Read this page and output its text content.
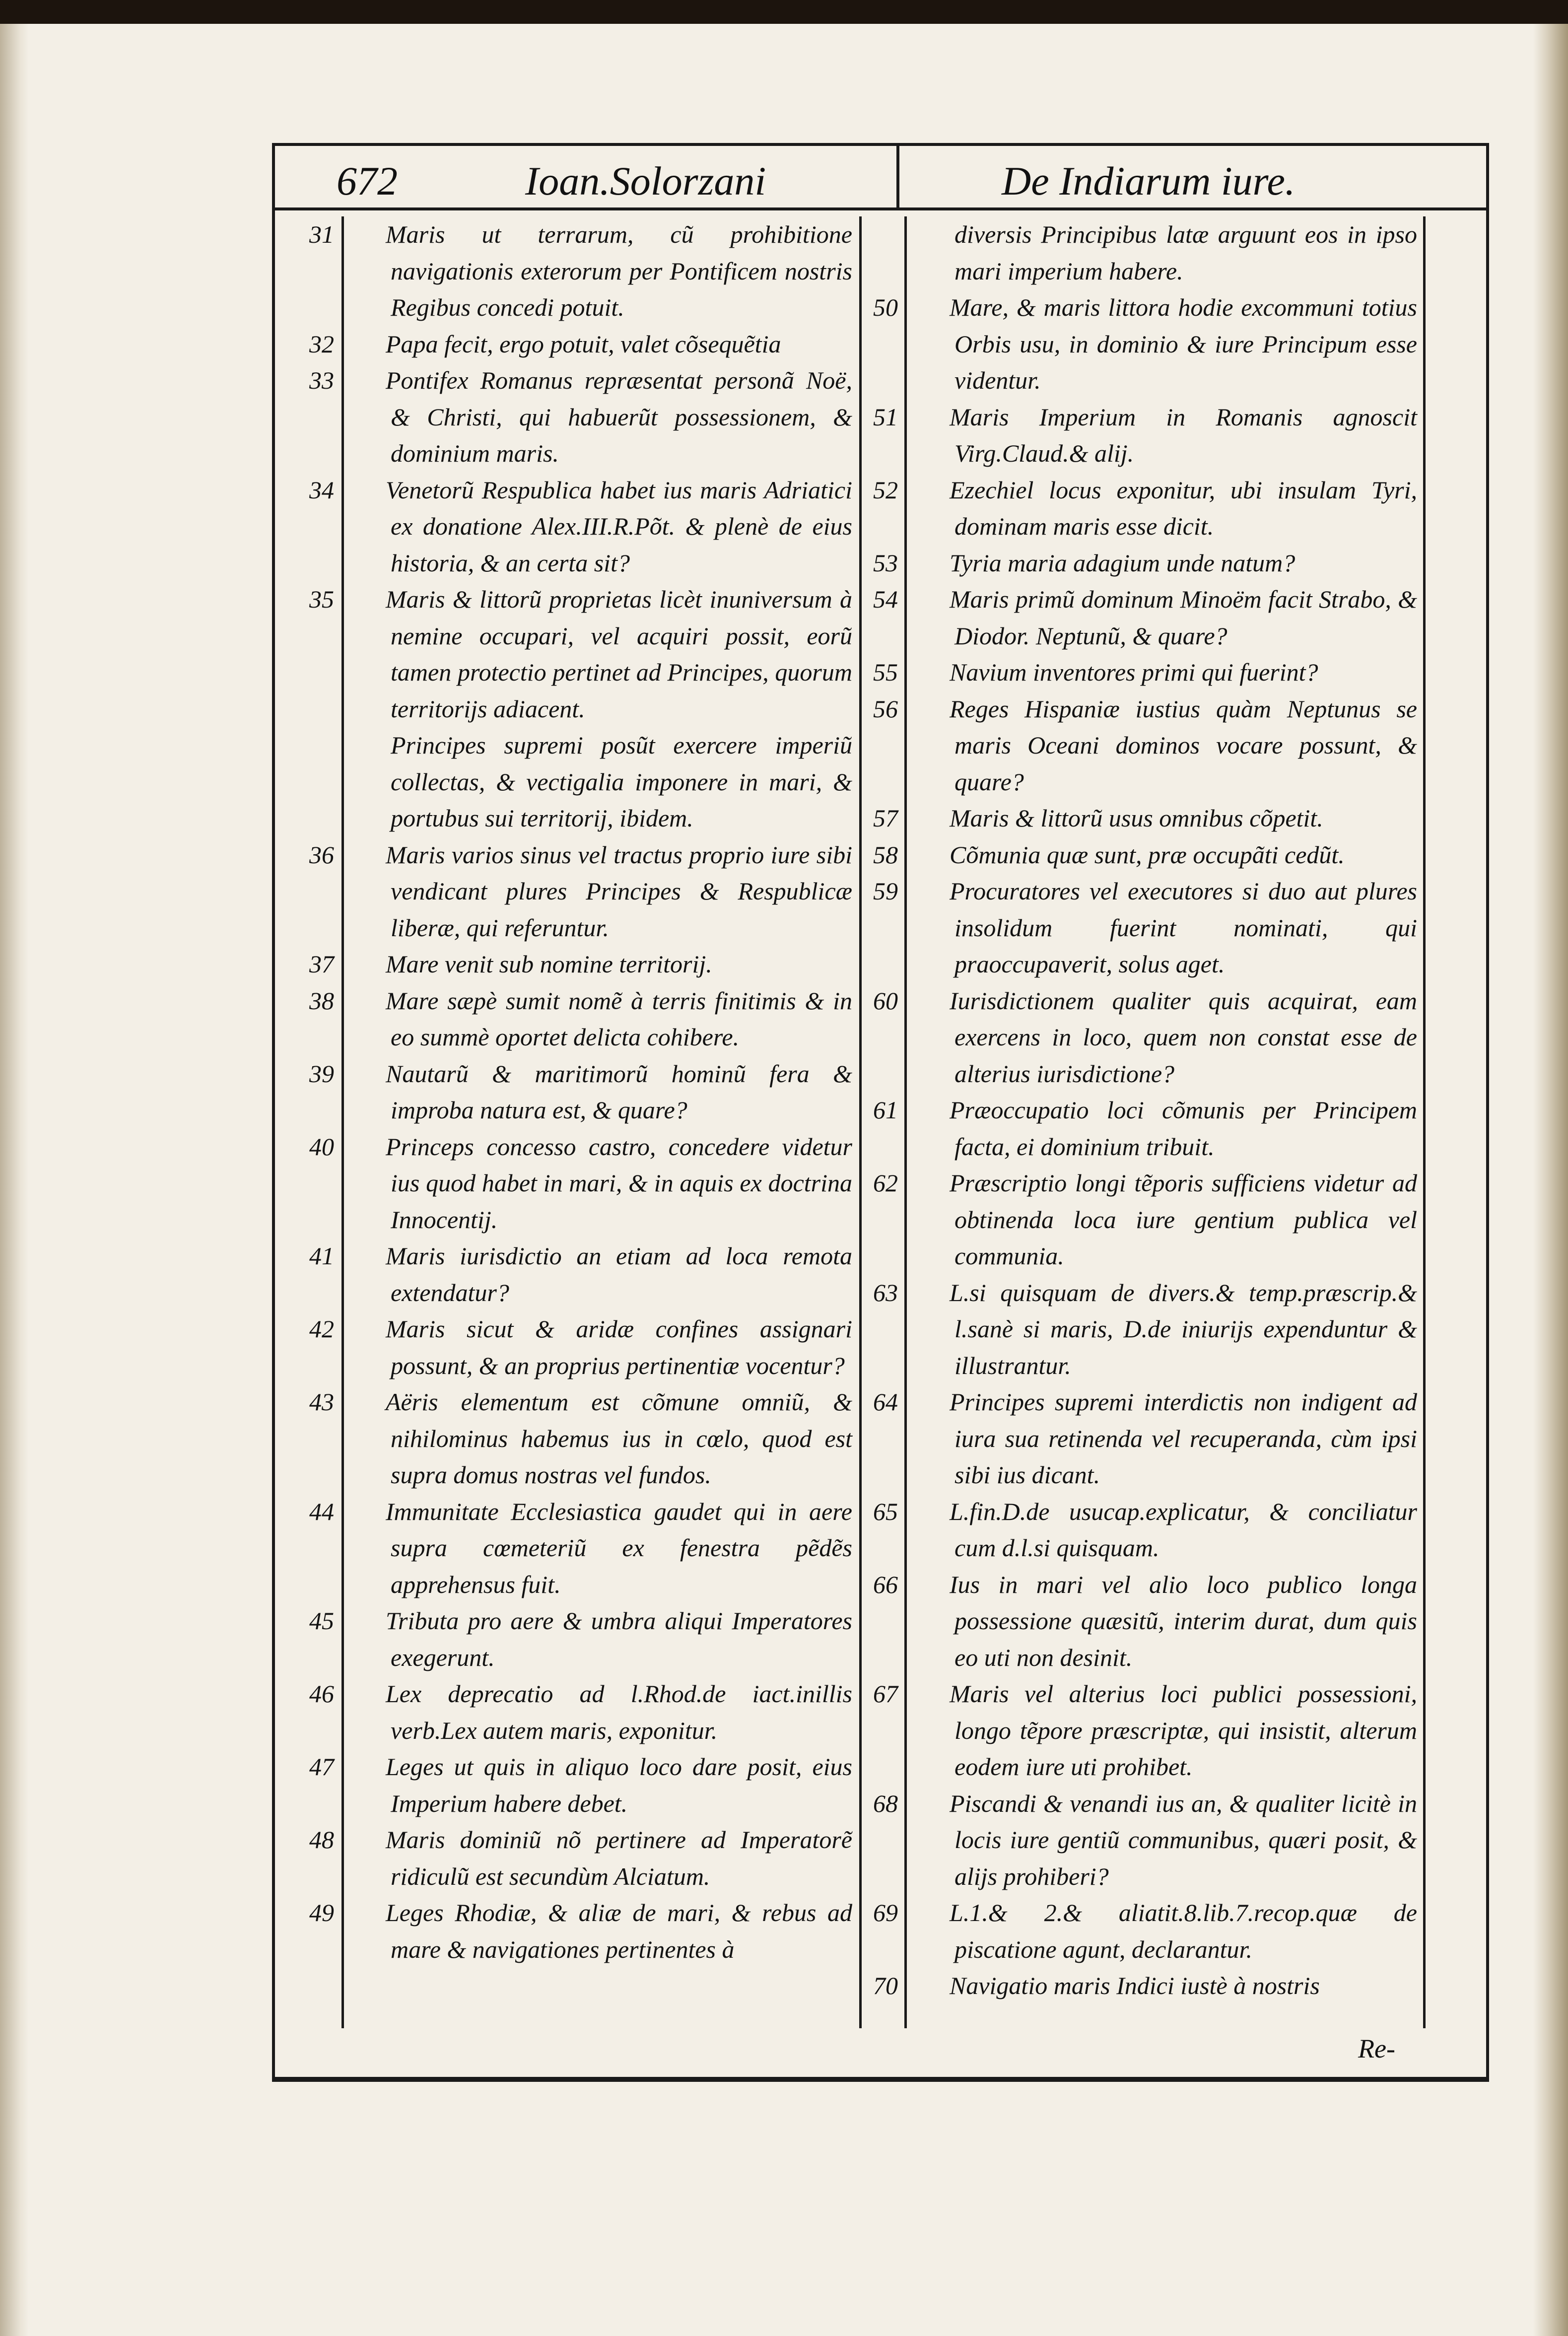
672	Ioan.Solorzani	De Indiarum iure.

31 Maris ut terrarum, cũ prohibitione navigationis exterorum per Pontificem nostris Regibus concedi potuit.

32 Papa fecit, ergo potuit, valet cõsequẽtia

33 Pontifex Romanus repræsentat personã Noë, & Christi, qui habuerũt possessionem, & dominium maris.

34 Venetorũ Respublica habet ius maris Adriatici ex donatione Alex.III.R.Põt. & plenè de eius historia, & an certa sit?

35 Maris & littorũ proprietas licèt inuniversum à nemine occupari, vel acquiri possit, eorũ tamen protectio pertinet ad Principes, quorum territorijs adiacent.

Principes supremi posũt exercere imperiũ collectas, & vectigalia imponere in mari, & portubus sui territorij, ibidem.

36 Maris varios sinus vel tractus proprio iure sibi vendicant plures Principes & Respublicæ liberæ, qui referuntur.

37 Mare venit sub nomine territorij.

38 Mare sæpè sumit nomẽ à terris finitimis & in eo summè oportet delicta cohibere.

39 Nautarũ & maritimorũ hominũ fera & improba natura est, & quare?

40 Princeps concesso castro, concedere videtur ius quod habet in mari, & in aquis ex doctrina Innocentij.

41 Maris iurisdictio an etiam ad loca remota extendatur?

42 Maris sicut & aridæ confines assignari possunt, & an proprius pertinentiæ vocentur?

43 Aëris elementum est cõmune omniũ, & nihilominus habemus ius in cœlo, quod est supra domus nostras vel fundos.

44 Immunitate Ecclesiastica gaudet qui in aere supra cœmeteriũ ex fenestra pẽdẽs apprehensus fuit.

45 Tributa pro aere & umbra aliqui Imperatores exegerunt.

46 Lex deprecatio ad l.Rhod.de iact.inillis verb.Lex autem maris, exponitur.

47 Leges ut quis in aliquo loco dare posit, eius Imperium habere debet.

48 Maris dominiũ nõ pertinere ad Imperatorẽ ridiculũ est secundùm Alciatum.

49 Leges Rhodiæ, & aliæ de mari, & rebus ad mare & navigationes pertinentes à

diversis Principibus latæ arguunt eos in ipso mari imperium habere.

50 Mare, & maris littora hodie excommuni totius Orbis usu, in dominio & iure Principum esse videntur.

51 Maris Imperium in Romanis agnoscit Virg.Claud.& alij.

52 Ezechiel locus exponitur, ubi insulam Tyri, dominam maris esse dicit.

53 Tyria maria adagium unde natum?

54 Maris primũ dominum Minoëm facit Strabo, & Diodor. Neptunũ, & quare?

55 Navium inventores primi qui fuerint?

56 Reges Hispaniæ iustius quàm Neptunus se maris Oceani dominos vocare possunt, & quare?

57 Maris & littorũ usus omnibus cõpetit.

58 Cõmunia quæ sunt, præ occupãti cedũt.

59 Procuratores vel executores si duo aut plures insolidum fuerint nominati, qui praoccupaverit, solus aget.

60 Iurisdictionem qualiter quis acquirat, eam exercens in loco, quem non constat esse de alterius iurisdictione?

61 Præoccupatio loci cõmunis per Principem facta, ei dominium tribuit.

62 Præscriptio longi tẽporis sufficiens videtur ad obtinenda loca iure gentium publica vel communia.

63 L.si quisquam de divers.& temp.præscrip.& l.sanè si maris, D.de iniurijs expenduntur & illustrantur.

64 Principes supremi interdictis non indigent ad iura sua retinenda vel recuperanda, cùm ipsi sibi ius dicant.

65 L.fin.D.de usucap.explicatur, & conciliatur cum d.l.si quisquam.

66 Ius in mari vel alio loco publico longa possessione quæsitũ, interim durat, dum quis eo uti non desinit.

67 Maris vel alterius loci publici possessioni, longo tẽpore præscriptæ, qui insistit, alterum eodem iure uti prohibet.

68 Piscandi & venandi ius an, & qualiter licitè in locis iure gentiũ communibus, quæri posit, & alijs prohiberi?

69 L.1.& 2.& aliatit.8.lib.7.recop.quæ de piscatione agunt, declarantur.

70 Navigatio maris Indici iustè à nostris

Re-
